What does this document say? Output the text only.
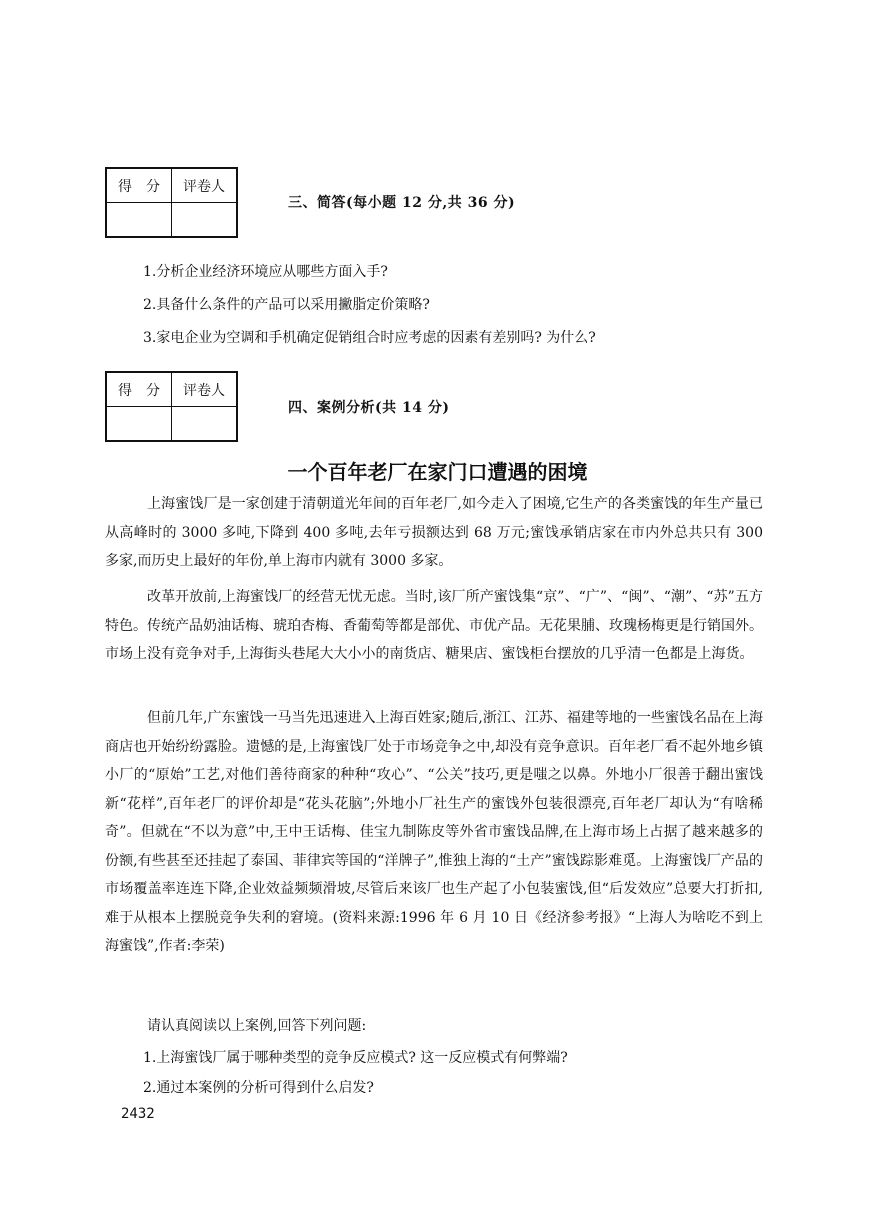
得　分	评卷人

三、简答(每小题 12 分,共 36 分)
1.分析企业经济环境应从哪些方面入手?
2.具备什么条件的产品可以采用撇脂定价策略?
3.家电企业为空调和手机确定促销组合时应考虑的因素有差别吗? 为什么?
得　分	评卷人

四、案例分析(共 14 分)
一个百年老厂在家门口遭遇的困境

上海蜜饯厂是一家创建于清朝道光年间的百年老厂,如今走入了困境,它生产的各类蜜饯的年生产量已从高峰时的 3000 多吨,下降到 400 多吨,去年亏损额达到 68 万元;蜜饯承销店家在市内外总共只有 300 多家,而历史上最好的年份,单上海市内就有 3000 多家。

改革开放前,上海蜜饯厂的经营无忧无虑。当时,该厂所产蜜饯集“京”、“广”、“闽”、“潮”、“苏”五方特色。传统产品奶油话梅、琥珀杏梅、香葡萄等都是部优、市优产品。无花果脯、玫瑰杨梅更是行销国外。市场上没有竞争对手,上海街头巷尾大大小小的南货店、糖果店、蜜饯柜台摆放的几乎清一色都是上海货。

但前几年,广东蜜饯一马当先迅速进入上海百姓家;随后,浙江、江苏、福建等地的一些蜜饯名品在上海商店也开始纷纷露脸。遗憾的是,上海蜜饯厂处于市场竞争之中,却没有竞争意识。百年老厂看不起外地乡镇小厂的“原始”工艺,对他们善待商家的种种“攻心”、“公关”技巧,更是嗤之以鼻。外地小厂很善于翻出蜜饯新“花样”,百年老厂的评价却是“花头花脑”;外地小厂社生产的蜜饯外包装很漂亮,百年老厂却认为“有啥稀奇”。但就在“不以为意”中,王中王话梅、佳宝九制陈皮等外省市蜜饯品牌,在上海市场上占据了越来越多的份额,有些甚至还挂起了泰国、菲律宾等国的“洋牌子”,惟独上海的“土产”蜜饯踪影难觅。上海蜜饯厂产品的市场覆盖率连连下降,企业效益频频滑坡,尽管后来该厂也生产起了小包装蜜饯,但“后发效应”总要大打折扣,难于从根本上摆脱竞争失利的窘境。(资料来源:1996 年 6 月 10 日《经济参考报》“上海人为啥吃不到上海蜜饯”,作者:李荣)

请认真阅读以上案例,回答下列问题:

1.上海蜜饯厂属于哪种类型的竞争反应模式? 这一反应模式有何弊端?
2.通过本案例的分析可得到什么启发?
2432
